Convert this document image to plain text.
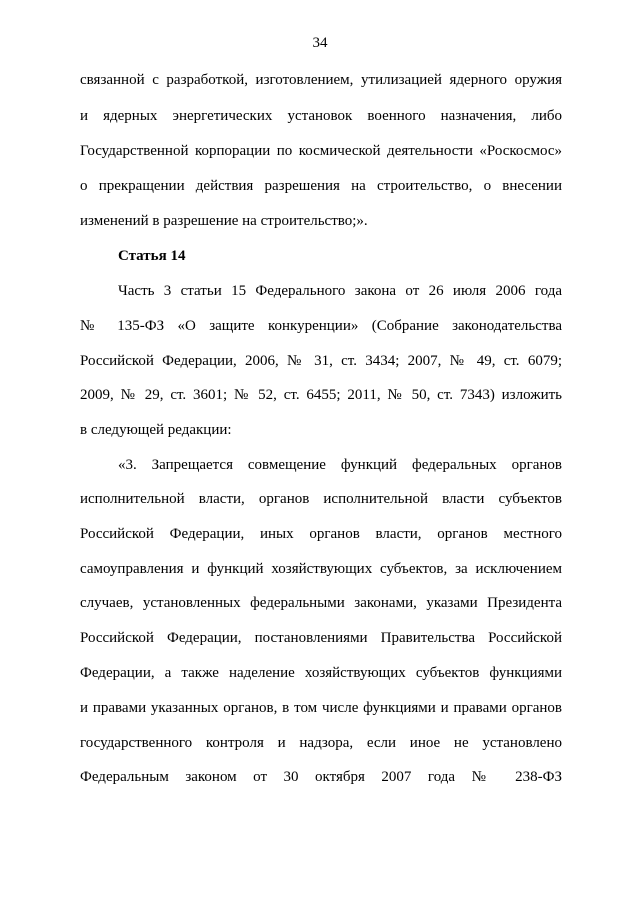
34
связанной с разработкой, изготовлением, утилизацией ядерного оружия
и ядерных энергетических установок военного назначения, либо
Государственной корпорации по космической деятельности «Роскосмос»
о прекращении действия разрешения на строительство, о внесении
изменений в разрешение на строительство;».
Статья 14
Часть 3 статьи 15 Федерального закона от 26 июля 2006 года
№ 135-ФЗ «О защите конкуренции» (Собрание законодательства
Российской Федерации, 2006, № 31, ст. 3434; 2007, № 49, ст. 6079;
2009, № 29, ст. 3601; № 52, ст. 6455; 2011, № 50, ст. 7343) изложить
в следующей редакции:
«3. Запрещается совмещение функций федеральных органов
исполнительной власти, органов исполнительной власти субъектов
Российской Федерации, иных органов власти, органов местного
самоуправления и функций хозяйствующих субъектов, за исключением
случаев, установленных федеральными законами, указами Президента
Российской Федерации, постановлениями Правительства Российской
Федерации, а также наделение хозяйствующих субъектов функциями
и правами указанных органов, в том числе функциями и правами органов
государственного контроля и надзора, если иное не установлено
Федеральным законом от 30 октября 2007 года № 238-ФЗ
